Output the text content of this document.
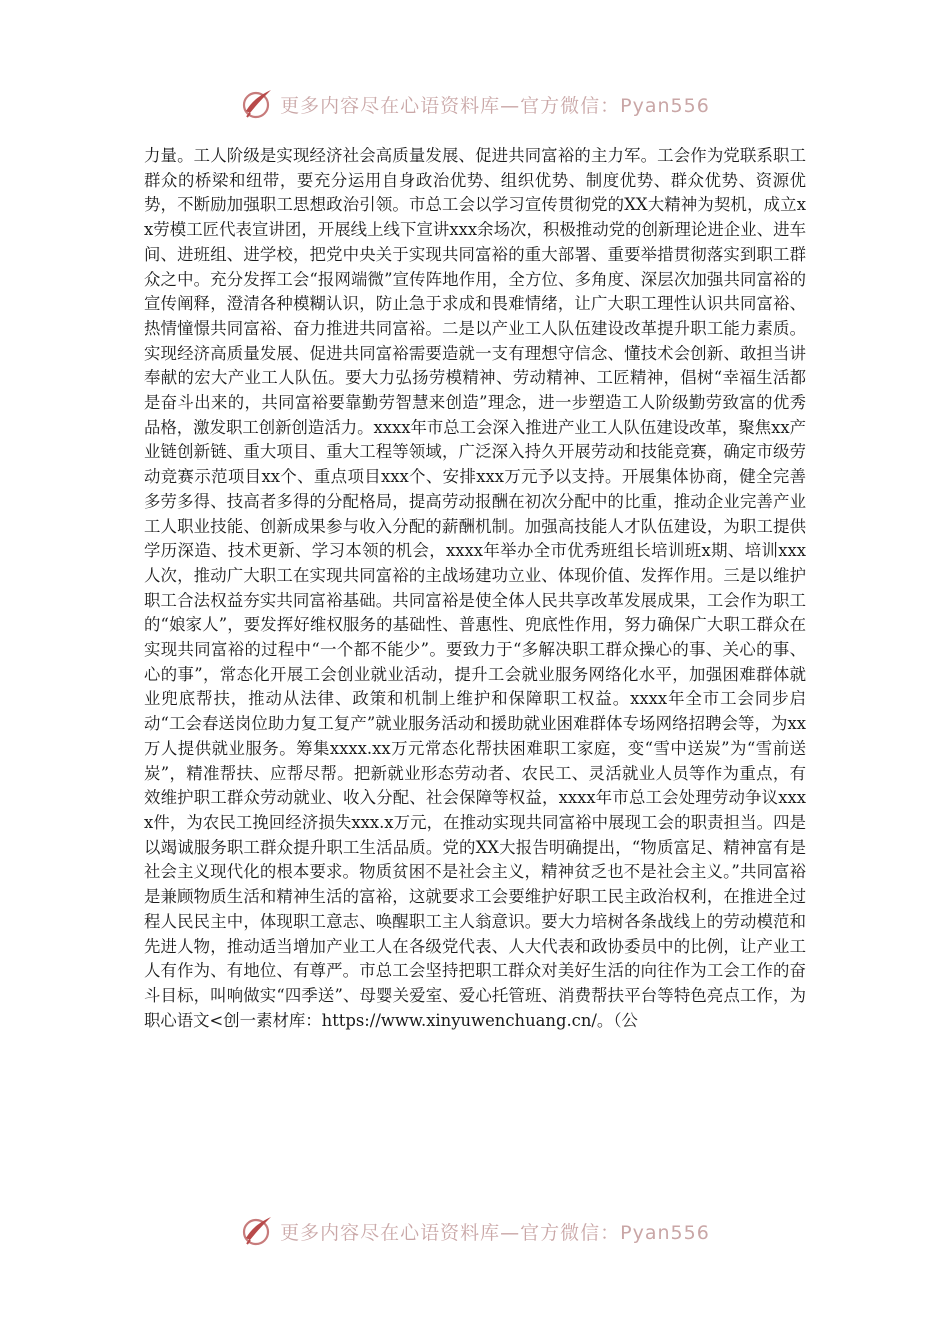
更多内容尽在心语资料库—官方微信：Pyan556

力量。工人阶级是实现经济社会高质量发展、促进共同富裕的主力军。工会作为党联系职工群众的桥梁和纽带，要充分运用自身政治优势、组织优势、制度优势、群众优势、资源优势，不断励加强职工思想政治引领。市总工会以学习宣传贯彻党的XX大精神为契机，成立xx劳模工匠代表宣讲团，开展线上线下宣讲xxx余场次，积极推动党的创新理论进企业、进车间、进班组、进学校，把党中央关于实现共同富裕的重大部署、重要举措贯彻落实到职工群众之中。充分发挥工会“报网端微”宣传阵地作用，全方位、多角度、深层次加强共同富裕的宣传阐释，澄清各种模糊认识，防止急于求成和畏难情绪，让广大职工理性认识共同富裕、热情憧憬共同富裕、奋力推进共同富裕。二是以产业工人队伍建设改革提升职工能力素质。实现经济高质量发展、促进共同富裕需要造就一支有理想守信念、懂技术会创新、敢担当讲奉献的宏大产业工人队伍。要大力弘扬劳模精神、劳动精神、工匠精神，倡树“幸福生活都是奋斗出来的，共同富裕要靠勤劳智慧来创造”理念，进一步塑造工人阶级勤劳致富的优秀品格，激发职工创新创造活力。xxxx年市总工会深入推进产业工人队伍建设改革，聚焦xx产业链创新链、重大项目、重大工程等领域，广泛深入持久开展劳动和技能竞赛，确定市级劳动竞赛示范项目xx个、重点项目xxx个、安排xxx万元予以支持。开展集体协商，健全完善多劳多得、技高者多得的分配格局，提高劳动报酬在初次分配中的比重，推动企业完善产业工人职业技能、创新成果参与收入分配的薪酬机制。加强高技能人才队伍建设，为职工提供学历深造、技术更新、学习本领的机会，xxxx年举办全市优秀班组长培训班x期、培训xxx人次，推动广大职工在实现共同富裕的主战场建功立业、体现价值、发挥作用。三是以维护职工合法权益夯实共同富裕基础。共同富裕是使全体人民共享改革发展成果，工会作为职工的“娘家人”，要发挥好维权服务的基础性、普惠性、兜底性作用，努力确保广大职工群众在实现共同富裕的过程中“一个都不能少”。要致力于“多解决职工群众操心的事、关心的事、心的事”，常态化开展工会创业就业活动，提升工会就业服务网络化水平，加强困难群体就业兜底帮扶，推动从法律、政策和机制上维护和保障职工权益。xxxx年全市工会同步启动“工会春送岗位助力复工复产”就业服务活动和援助就业困难群体专场网络招聘会等，为xx万人提供就业服务。筹集xxxx.xx万元常态化帮扶困难职工家庭，变“雪中送炭”为“雪前送炭”，精准帮扶、应帮尽帮。把新就业形态劳动者、农民工、灵活就业人员等作为重点，有效维护职工群众劳动就业、收入分配、社会保障等权益，xxxx年市总工会处理劳动争议xxxx件，为农民工挽回经济损失xxx.x万元，在推动实现共同富裕中展现工会的职责担当。四是以竭诚服务职工群众提升职工生活品质。党的XX大报告明确提出，“物质富足、精神富有是社会主义现代化的根本要求。物质贫困不是社会主义，精神贫乏也不是社会主义。”共同富裕是兼顾物质生活和精神生活的富裕，这就要求工会要维护好职工民主政治权利，在推进全过程人民民主中，体现职工意志、唤醒职工主人翁意识。要大力培树各条战线上的劳动模范和先进人物，推动适当增加产业工人在各级党代表、人大代表和政协委员中的比例，让产业工人有作为、有地位、有尊严。市总工会坚持把职工群众对美好生活的向往作为工会工作的奋斗目标，叫响做实“四季送”、母婴关爱室、爱心托管班、消费帮扶平台等特色亮点工作，为职心语文<创一素材库：https://www.xinyuwenchuang.cn/。（公

更多内容尽在心语资料库—官方微信：Pyan556
